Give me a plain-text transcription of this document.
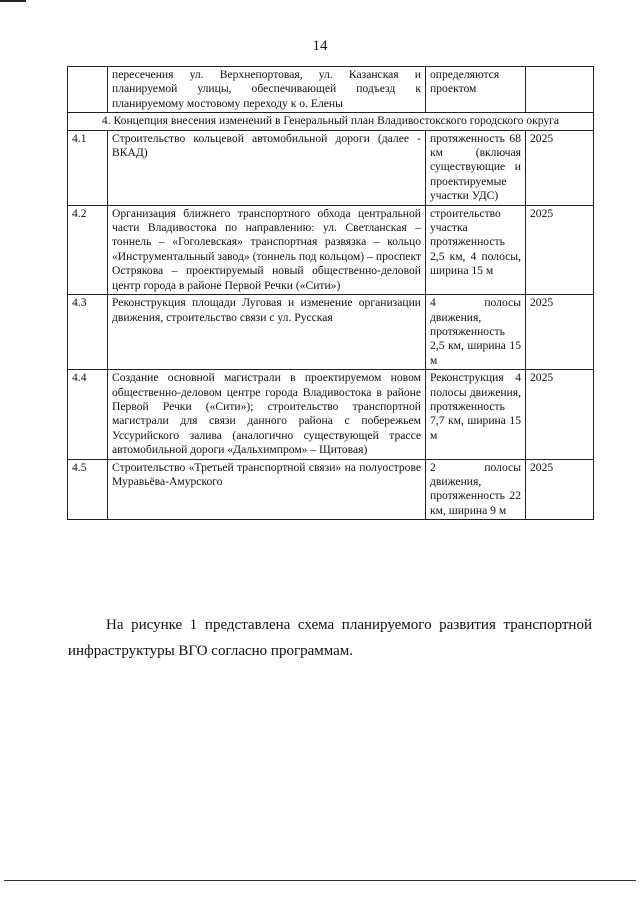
14
	пересечения ул. Верхнепортовая, ул. Казанская и планируемой улицы, обеспечивающей подъезд к планируемому мостовому переходу к о. Елены	определяются проектом	
4. Концепция внесения изменений в Генеральный план Владивостокского городского округа			
4.1	Строительство кольцевой автомобильной дороги (далее - ВКАД)	протяженность 68 км (включая существующие и проектируемые участки УДС)	2025
4.2	Организация ближнего транспортного обхода центральной части Владивостока по направлению: ул. Светланская – тоннель – «Гоголевская» транспортная развязка – кольцо «Инструментальный завод» (тоннель под кольцом) – проспект Острякова – проектируемый новый общественно-деловой центр города в районе Первой Речки («Сити»)	строительство участка протяженность 2,5 км, 4 полосы, ширина 15 м	2025
4.3	Реконструкция площади Луговая и изменение организации движения, строительство связи с ул. Русская	4 полосы движения, протяженность 2,5 км, ширина 15 м	2025
4.4	Создание основной магистрали в проектируемом новом общественно-деловом центре города Владивостока в районе Первой Речки («Сити»); строительство транспортной магистрали для связи данного района с побережьем Уссурийского залива (аналогично существующей трассе автомобильной дороги «Дальхимпром» – Щитовая)	Реконструкция 4 полосы движения, протяженность 7,7 км, ширина 15 м	2025
4.5	Строительство «Третьей транспортной связи» на полуострове Муравьёва-Амурского	2 полосы движения, протяженность 22 км, ширина 9 м	2025

На рисунке 1 представлена схема планируемого развития транспортной инфраструктуры ВГО согласно программам.
